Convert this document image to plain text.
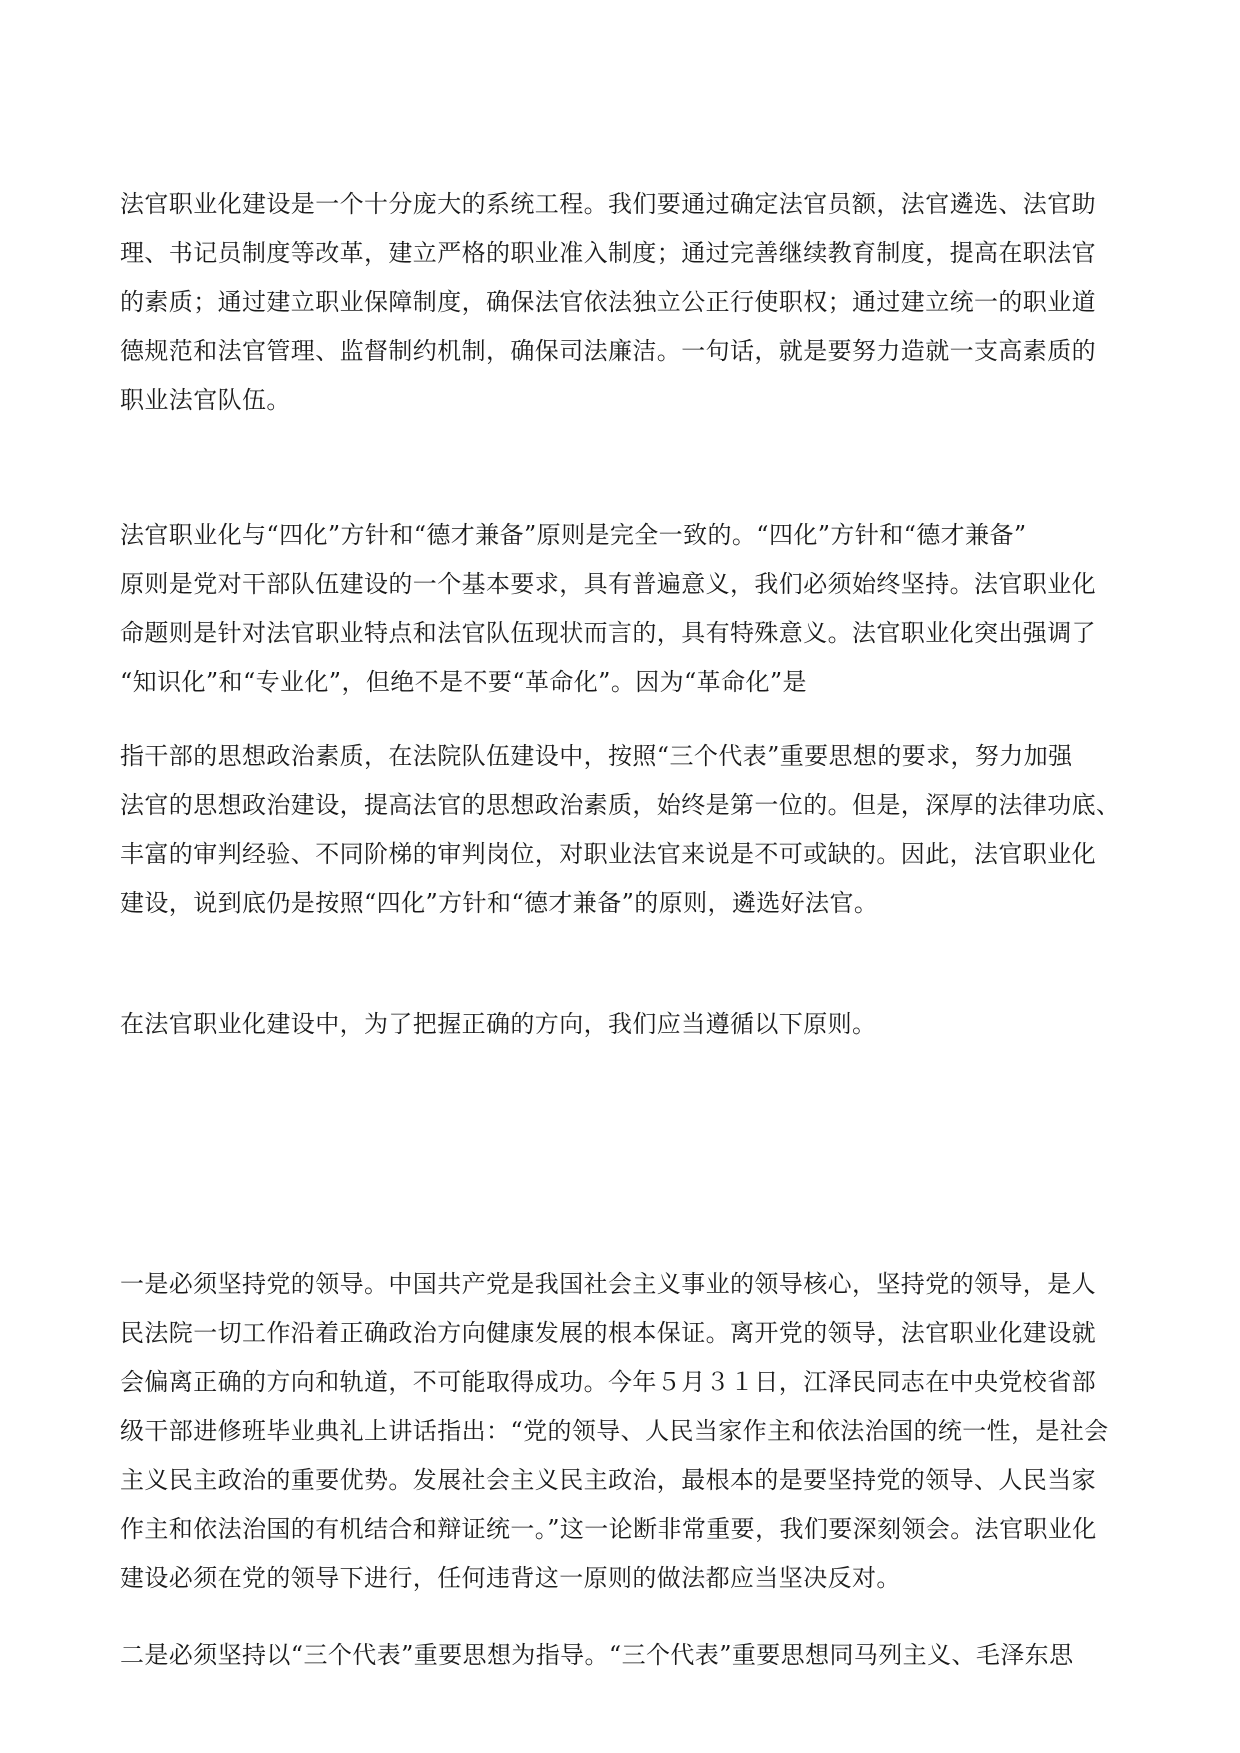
法官职业化建设是一个十分庞大的系统工程。我们要通过确定法官员额，法官遴选、法官助
理、书记员制度等改革，建立严格的职业准入制度；通过完善继续教育制度，提高在职法官
的素质；通过建立职业保障制度，确保法官依法独立公正行使职权；通过建立统一的职业道
德规范和法官管理、监督制约机制，确保司法廉洁。一句话，就是要努力造就一支高素质的
职业法官队伍。
法官职业化与“四化”方针和“德才兼备”原则是完全一致的。“四化”方针和“德才兼备”
原则是党对干部队伍建设的一个基本要求，具有普遍意义，我们必须始终坚持。法官职业化
命题则是针对法官职业特点和法官队伍现状而言的，具有特殊意义。法官职业化突出强调了
“知识化”和“专业化”，但绝不是不要“革命化”。因为“革命化”是
指干部的思想政治素质，在法院队伍建设中，按照“三个代表”重要思想的要求，努力加强
法官的思想政治建设，提高法官的思想政治素质，始终是第一位的。但是，深厚的法律功底、
丰富的审判经验、不同阶梯的审判岗位，对职业法官来说是不可或缺的。因此，法官职业化
建设，说到底仍是按照“四化”方针和“德才兼备”的原则，遴选好法官。
在法官职业化建设中，为了把握正确的方向，我们应当遵循以下原则。
一是必须坚持党的领导。中国共产党是我国社会主义事业的领导核心，坚持党的领导，是人
民法院一切工作沿着正确政治方向健康发展的根本保证。离开党的领导，法官职业化建设就
会偏离正确的方向和轨道，不可能取得成功。今年５月３１日，江泽民同志在中央党校省部
级干部进修班毕业典礼上讲话指出：“党的领导、人民当家作主和依法治国的统一性，是社会
主义民主政治的重要优势。发展社会主义民主政治，最根本的是要坚持党的领导、人民当家
作主和依法治国的有机结合和辩证统一。”这一论断非常重要，我们要深刻领会。法官职业化
建设必须在党的领导下进行，任何违背这一原则的做法都应当坚决反对。
二是必须坚持以“三个代表”重要思想为指导。“三个代表”重要思想同马列主义、毛泽东思
